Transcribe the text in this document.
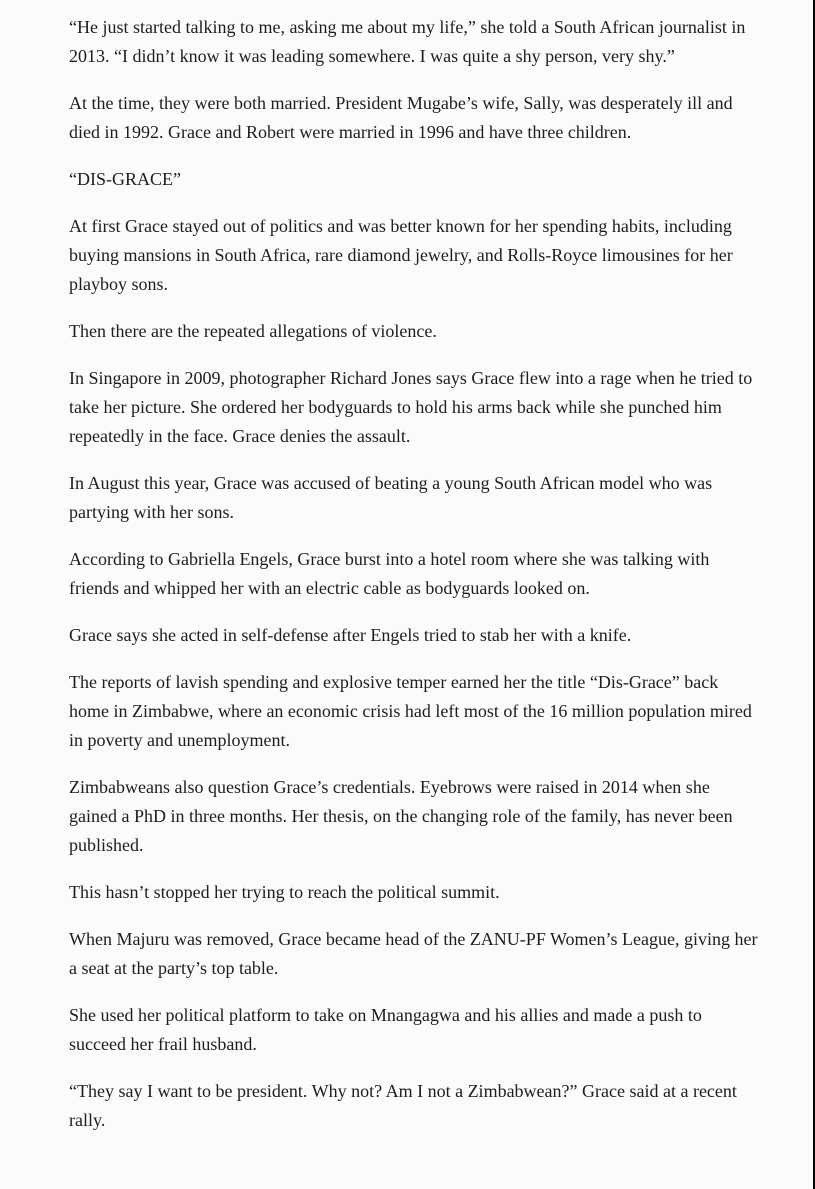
“He just started talking to me, asking me about my life,” she told a South African journalist in 2013. “I didn’t know it was leading somewhere. I was quite a shy person, very shy.”

At the time, they were both married. President Mugabe’s wife, Sally, was desperately ill and died in 1992. Grace and Robert were married in 1996 and have three children.

“DIS-GRACE”

At first Grace stayed out of politics and was better known for her spending habits, including buying mansions in South Africa, rare diamond jewelry, and Rolls-Royce limousines for her playboy sons.

Then there are the repeated allegations of violence.

In Singapore in 2009, photographer Richard Jones says Grace flew into a rage when he tried to take her picture. She ordered her bodyguards to hold his arms back while she punched him repeatedly in the face. Grace denies the assault.

In August this year, Grace was accused of beating a young South African model who was partying with her sons.

According to Gabriella Engels, Grace burst into a hotel room where she was talking with friends and whipped her with an electric cable as bodyguards looked on.

Grace says she acted in self-defense after Engels tried to stab her with a knife.

The reports of lavish spending and explosive temper earned her the title “Dis-Grace” back home in Zimbabwe, where an economic crisis had left most of the 16 million population mired in poverty and unemployment.

Zimbabweans also question Grace’s credentials. Eyebrows were raised in 2014 when she gained a PhD in three months. Her thesis, on the changing role of the family, has never been published.

This hasn’t stopped her trying to reach the political summit.

When Majuru was removed, Grace became head of the ZANU-PF Women’s League, giving her a seat at the party’s top table.

She used her political platform to take on Mnangagwa and his allies and made a push to succeed her frail husband.

“They say I want to be president. Why not? Am I not a Zimbabwean?” Grace said at a recent rally.
